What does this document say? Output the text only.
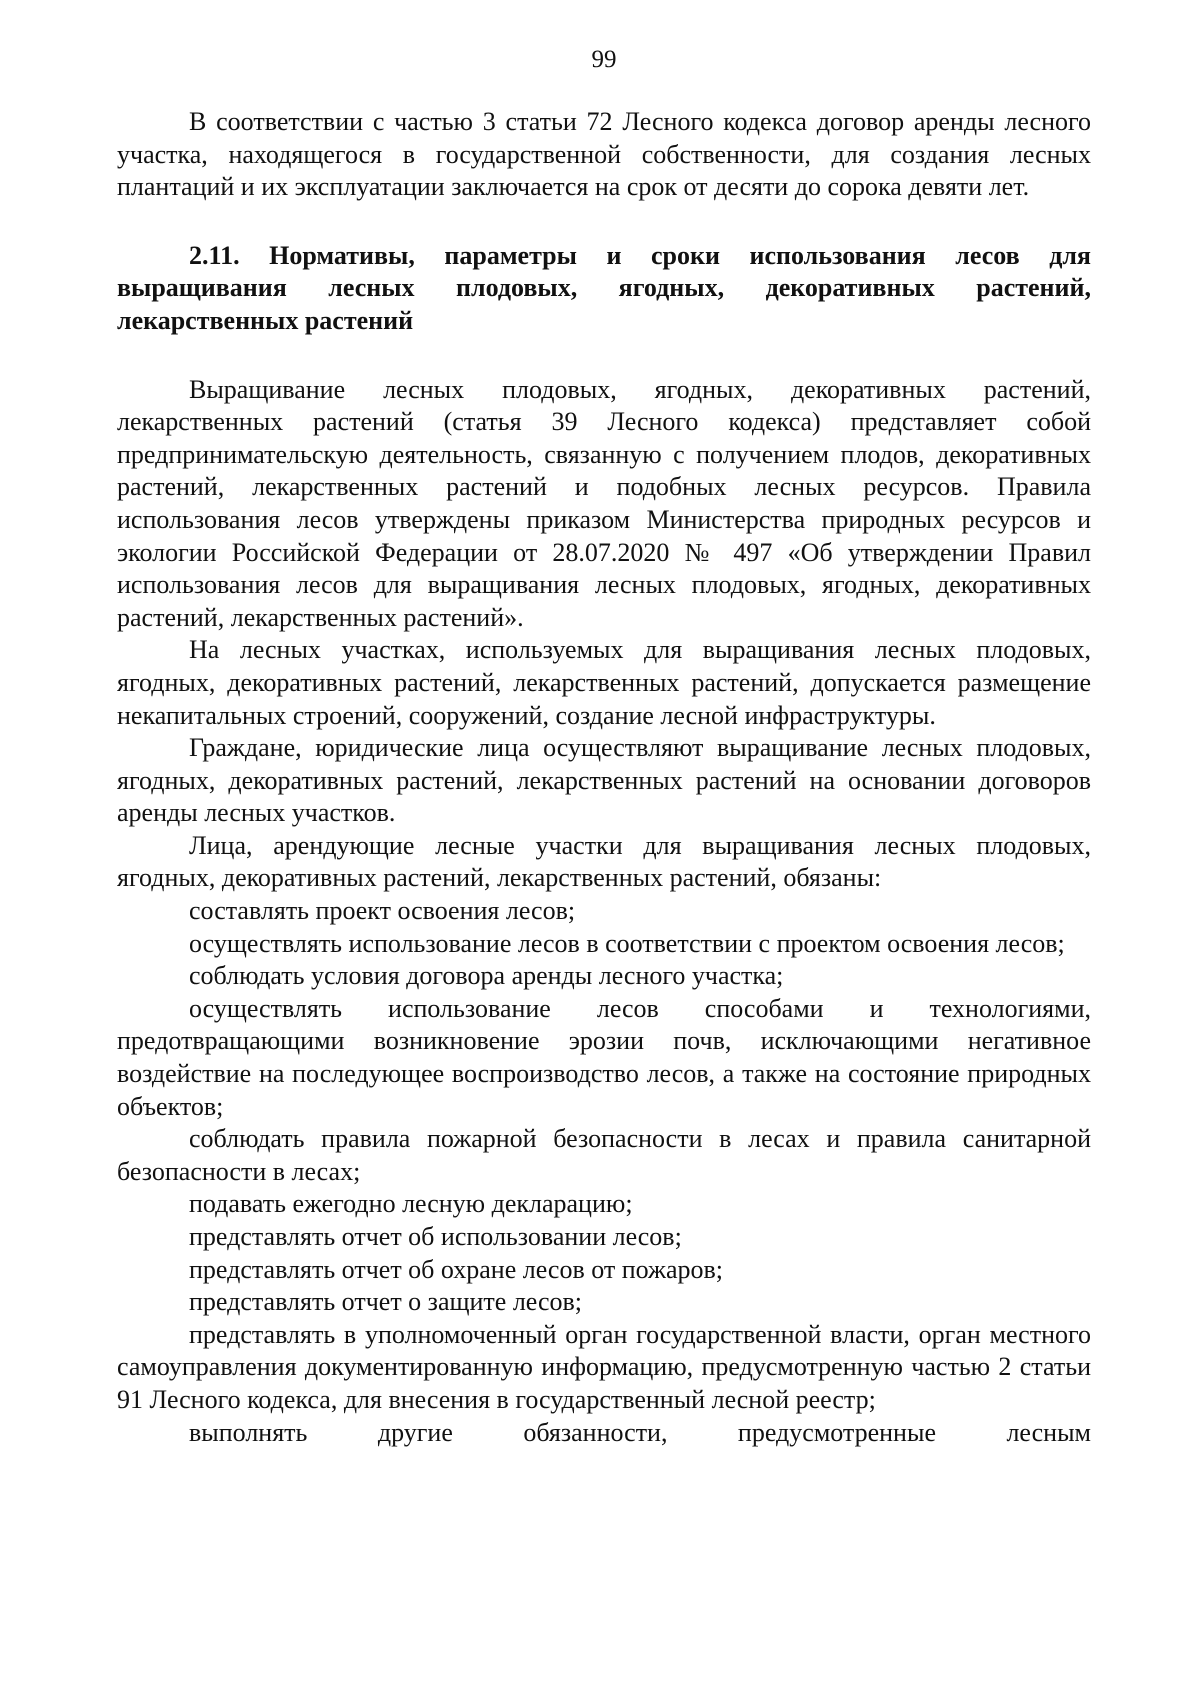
99

В соответствии с частью 3 статьи 72 Лесного кодекса договор аренды лесного участка, находящегося в государственной собственности, для создания лесных плантаций и их эксплуатации заключается на срок от десяти до сорока девяти лет.

2.11. Нормативы, параметры и сроки использования лесов для выращивания лесных плодовых, ягодных, декоративных растений, лекарственных растений

Выращивание лесных плодовых, ягодных, декоративных растений, лекарственных растений (статья 39 Лесного кодекса) представляет собой предпринимательскую деятельность, связанную с получением плодов, декоративных растений, лекарственных растений и подобных лесных ресурсов. Правила использования лесов утверждены приказом Министерства природных ресурсов и экологии Российской Федерации от 28.07.2020 № 497 «Об утверждении Правил использования лесов для выращивания лесных плодовых, ягодных, декоративных растений, лекарственных растений».

На лесных участках, используемых для выращивания лесных плодовых, ягодных, декоративных растений, лекарственных растений, допускается размещение некапитальных строений, сооружений, создание лесной инфраструктуры.

Граждане, юридические лица осуществляют выращивание лесных плодовых, ягодных, декоративных растений, лекарственных растений на основании договоров аренды лесных участков.

Лица, арендующие лесные участки для выращивания лесных плодовых, ягодных, декоративных растений, лекарственных растений, обязаны:

составлять проект освоения лесов;

осуществлять использование лесов в соответствии с проектом освоения лесов;

соблюдать условия договора аренды лесного участка;

осуществлять использование лесов способами и технологиями, предотвращающими возникновение эрозии почв, исключающими негативное воздействие на последующее воспроизводство лесов, а также на состояние природных объектов;

соблюдать правила пожарной безопасности в лесах и правила санитарной безопасности в лесах;

подавать ежегодно лесную декларацию;

представлять отчет об использовании лесов;

представлять отчет об охране лесов от пожаров;

представлять отчет о защите лесов;

представлять в уполномоченный орган государственной власти, орган местного самоуправления документированную информацию, предусмотренную частью 2 статьи 91 Лесного кодекса, для внесения в государственный лесной реестр;

выполнять другие обязанности, предусмотренные лесным
